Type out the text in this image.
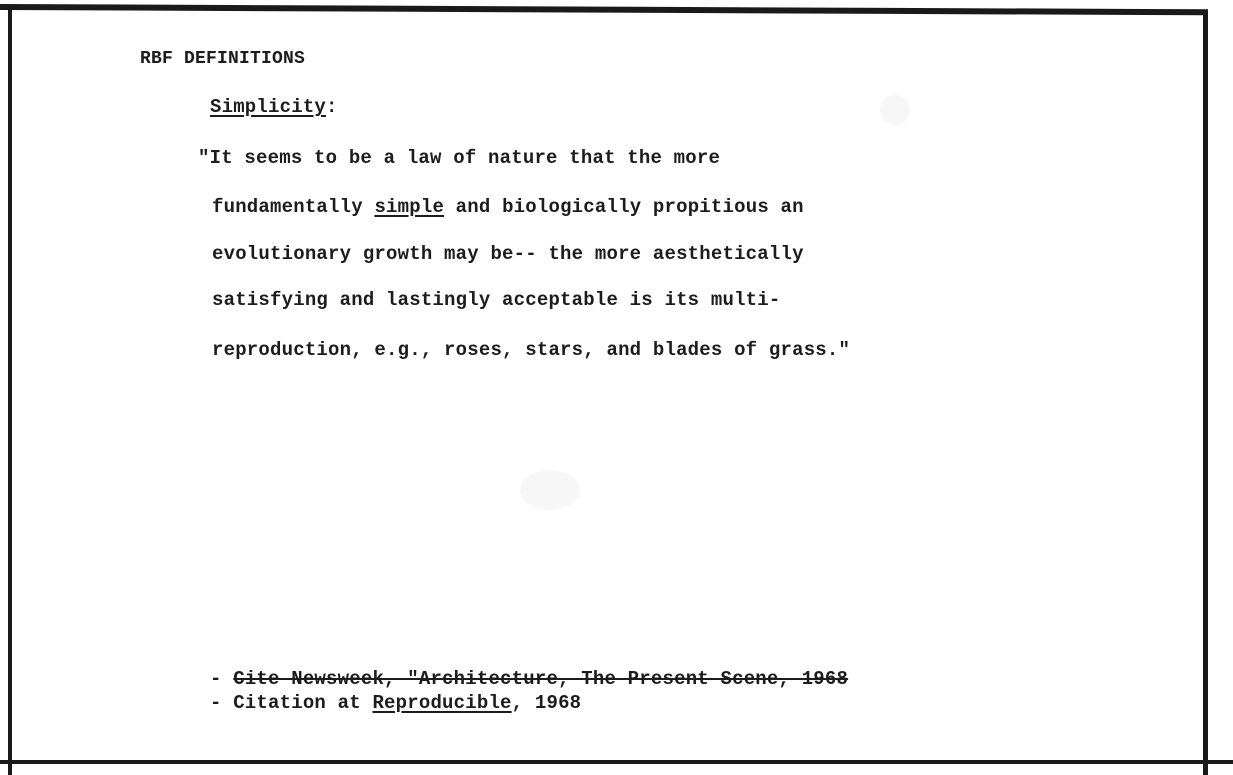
RBF DEFINITIONS
Simplicity:
"It seems to be a law of nature that the more
fundamentally simple and biologically propitious an
evolutionary growth may be-- the more aesthetically
satisfying and lastingly acceptable is its multi-
reproduction, e.g., roses, stars, and blades of grass."
- Cite Newsweek, "Architecture, The Present Scene, 1968
- Citation at Reproducible, 1968
